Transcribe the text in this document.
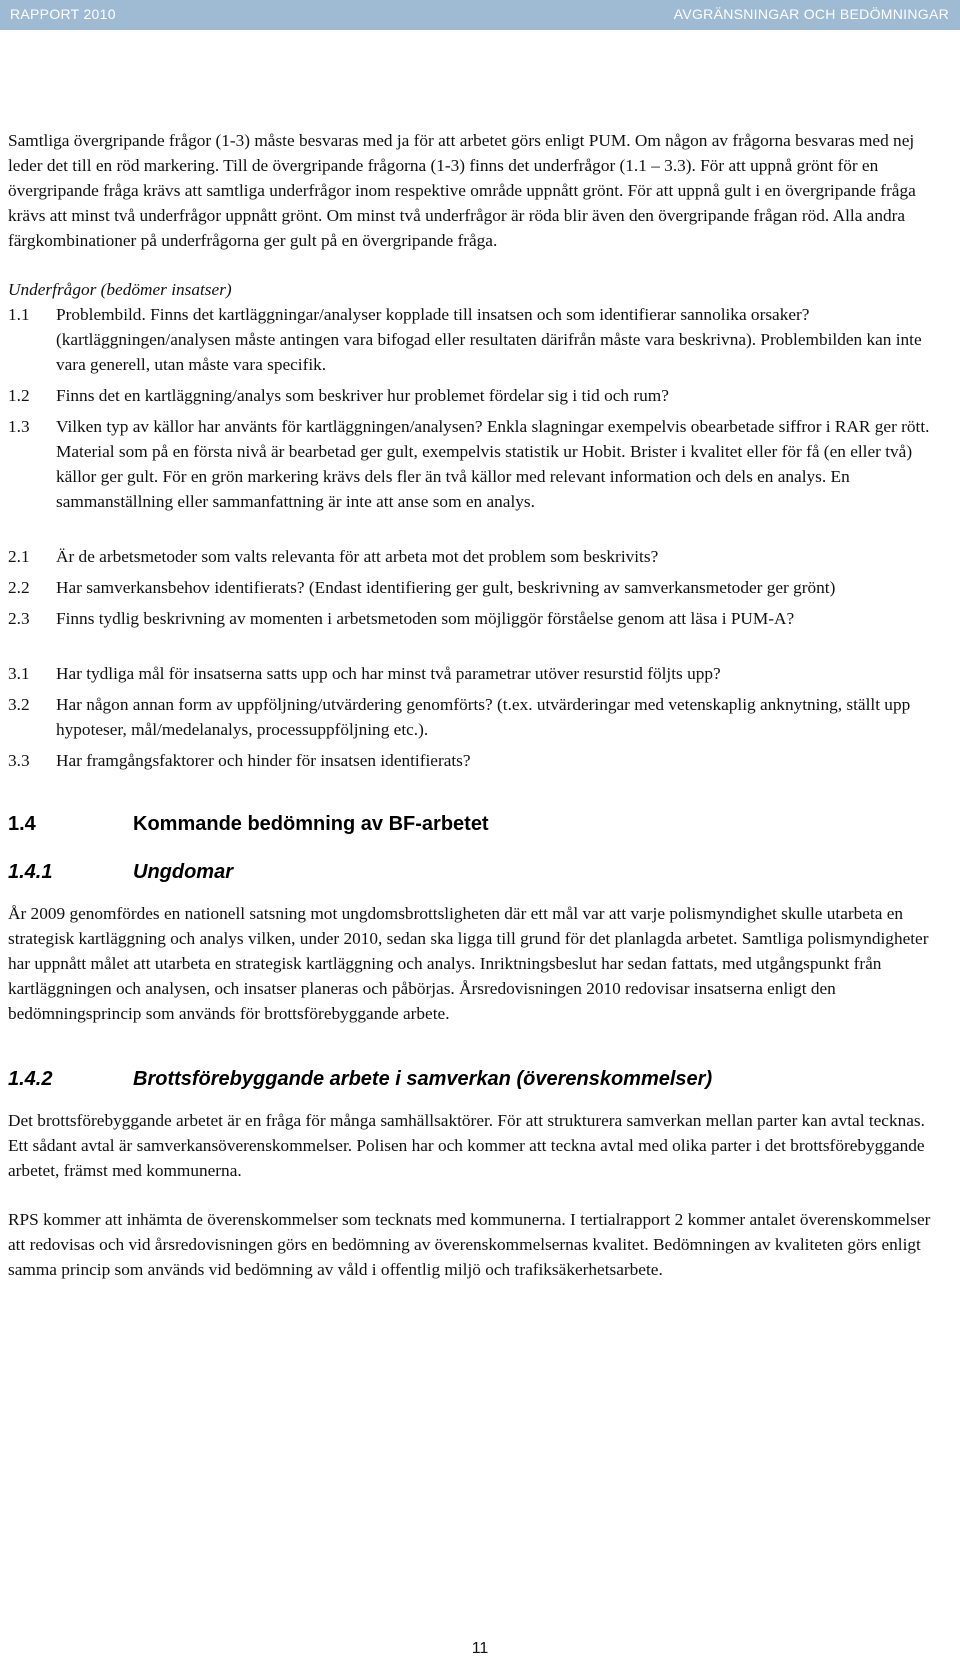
RAPPORT 2010	AVGRÄNSNINGAR OCH BEDÖMNINGAR

Samtliga övergripande frågor (1-3) måste besvaras med ja för att arbetet görs enligt PUM. Om någon av frågorna besvaras med nej leder det till en röd markering. Till de övergripande frågorna (1-3) finns det underfrågor (1.1 – 3.3). För att uppnå grönt för en övergripande fråga krävs att samtliga underfrågor inom respektive område uppnått grönt. För att uppnå gult i en övergripande fråga krävs att minst två underfrågor uppnått grönt. Om minst två underfrågor är röda blir även den övergripande frågan röd. Alla andra färgkombinationer på underfrågorna ger gult på en övergripande fråga.

Underfrågor (bedömer insatser)
1.1	Problembild. Finns det kartläggningar/analyser kopplade till insatsen och som identifierar sannolika orsaker? (kartläggningen/analysen måste antingen vara bifogad eller resultaten därifrån måste vara beskrivna). Problembilden kan inte vara generell, utan måste vara specifik.
1.2	Finns det en kartläggning/analys som beskriver hur problemet fördelar sig i tid och rum?
1.3	Vilken typ av källor har använts för kartläggningen/analysen? Enkla slagningar exempelvis obearbetade siffror i RAR ger rött. Material som på en första nivå är bearbetad ger gult, exempelvis statistik ur Hobit. Brister i kvalitet eller för få (en eller två) källor ger gult. För en grön markering krävs dels fler än två källor med relevant information och dels en analys. En sammanställning eller sammanfattning är inte att anse som en analys.
2.1	Är de arbetsmetoder som valts relevanta för att arbeta mot det problem som beskrivits?
2.2	Har samverkansbehov identifierats? (Endast identifiering ger gult, beskrivning av samverkansmetoder ger grönt)
2.3	Finns tydlig beskrivning av momenten i arbetsmetoden som möjliggör förståelse genom att läsa i PUM-A?
3.1	Har tydliga mål för insatserna satts upp och har minst två parametrar utöver resurstid följts upp?
3.2	Har någon annan form av uppföljning/utvärdering genomförts? (t.ex. utvärderingar med vetenskaplig anknytning, ställt upp hypoteser, mål/medelanalys, processuppföljning etc.).
3.3	Har framgångsfaktorer och hinder för insatsen identifierats?
1.4	Kommande bedömning av BF-arbetet
1.4.1	Ungdomar

År 2009 genomfördes en nationell satsning mot ungdomsbrottsligheten där ett mål var att varje polismyndighet skulle utarbeta en strategisk kartläggning och analys vilken, under 2010, sedan ska ligga till grund för det planlagda arbetet. Samtliga polismyndigheter har uppnått målet att utarbeta en strategisk kartläggning och analys. Inriktningsbeslut har sedan fattats, med utgångspunkt från kartläggningen och analysen, och insatser planeras och påbörjas. Årsredovisningen 2010 redovisar insatserna enligt den bedömningsprincip som används för brottsförebyggande arbete.

1.4.2	Brottsförebyggande arbete i samverkan (överenskommelser)

Det brottsförebyggande arbetet är en fråga för många samhällsaktörer. För att strukturera samverkan mellan parter kan avtal tecknas. Ett sådant avtal är samverkansöverenskommelser. Polisen har och kommer att teckna avtal med olika parter i det brottsförebyggande arbetet, främst med kommunerna.

RPS kommer att inhämta de överenskommelser som tecknats med kommunerna. I tertialrapport 2 kommer antalet överenskommelser att redovisas och vid årsredovisningen görs en bedömning av överenskommelsernas kvalitet. Bedömningen av kvaliteten görs enligt samma princip som används vid bedömning av våld i offentlig miljö och trafiksäkerhetsarbete.

11
